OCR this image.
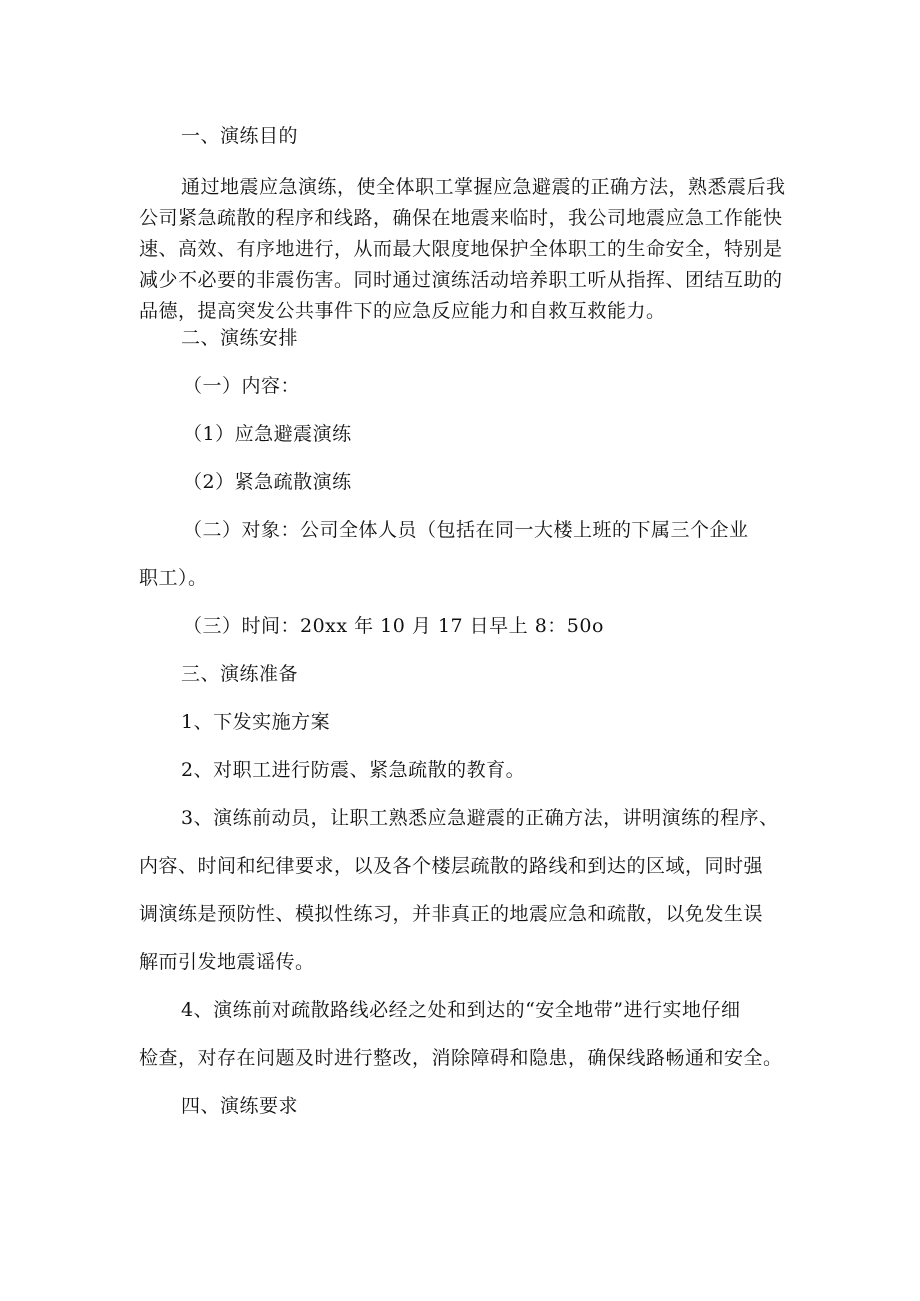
一、演练目的
通过地震应急演练，使全体职工掌握应急避震的正确方法，熟悉震后我公司紧急疏散的程序和线路，确保在地震来临时，我公司地震应急工作能快速、高效、有序地进行，从而最大限度地保护全体职工的生命安全，特别是减少不必要的非震伤害。同时通过演练活动培养职工听从指挥、团结互助的品德，提高突发公共事件下的应急反应能力和自救互救能力。
二、演练安排
（一）内容：
（1）应急避震演练
（2）紧急疏散演练
（二）对象：公司全体人员（包括在同一大楼上班的下属三个企业
职工）。
（三）时间：20xx 年 10 月 17 日早上 8：50o
三、演练准备
1、下发实施方案
2、对职工进行防震、紧急疏散的教育。
3、演练前动员，让职工熟悉应急避震的正确方法，讲明演练的程序、
内容、时间和纪律要求，以及各个楼层疏散的路线和到达的区域，同时强
调演练是预防性、模拟性练习，并非真正的地震应急和疏散，以免发生误
解而引发地震谣传。
4、演练前对疏散路线必经之处和到达的“安全地带”进行实地仔细
检查，对存在问题及时进行整改，消除障碍和隐患，确保线路畅通和安全。
四、演练要求
